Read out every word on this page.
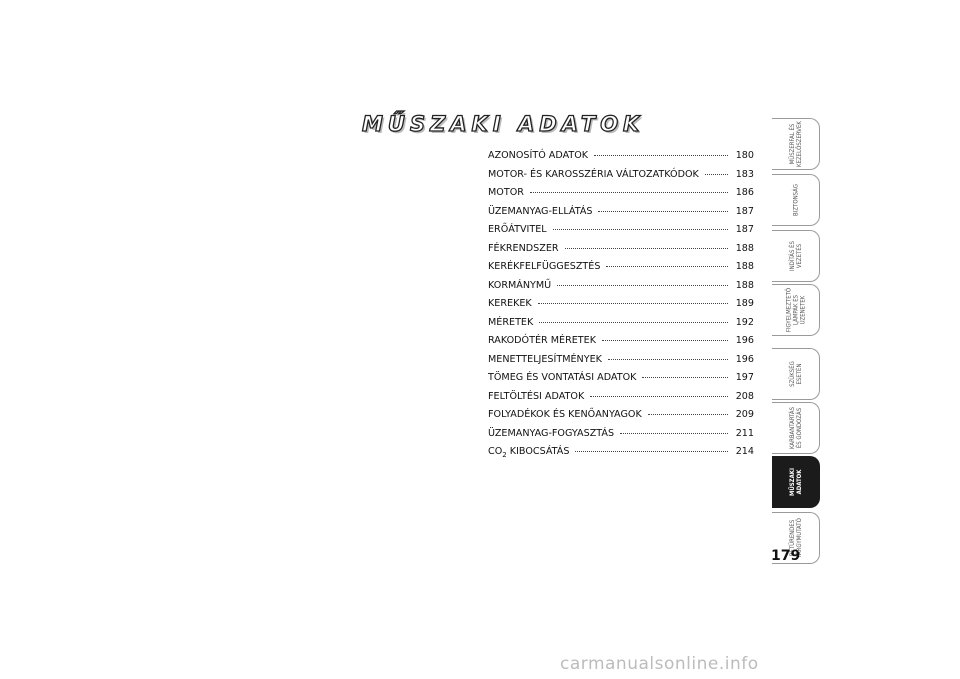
MŰSZAKI ADATOK
AZONOSÍTÓ ADATOK	180
MOTOR- ÉS KAROSSZÉRIA VÁLTOZATKÓDOK	183
MOTOR	186
ÜZEMANYAG-ELLÁTÁS	187
ERŐÁTVITEL	187
FÉKRENDSZER	188
KERÉKFELFÜGGESZTÉS	188
KORMÁNYMŰ	188
KEREKEK	189
MÉRETEK	192
RAKODÓTÉR MÉRETEK	196
MENETTELJESÍTMÉNYEK	196
TÖMEG ÉS VONTATÁSI ADATOK	197
FELTÖLTÉSI ADATOK	208
FOLYADÉKOK ÉS KENŐANYAGOK	209
ÜZEMANYAG-FOGYASZTÁS	211
$CO_2$ KIBOCSÁTÁS	214
MŰSZERFAL ÉS
KEZELŐSZERVEK
BIZTONSÁG
INDÍTÁS ÉS
VEZETÉS
FIGYELMEZTETŐ
LÁMPÁK ÉS
ÜZENETEK
SZÜKSÉG
ESETÉN
KARBANTARTÁS
ÉS GONDOZÁS
MŰSZAKI
ADATOK
BETŰRENDES
TÁRGYMUTATÓ
179
carmanualsonline.info
